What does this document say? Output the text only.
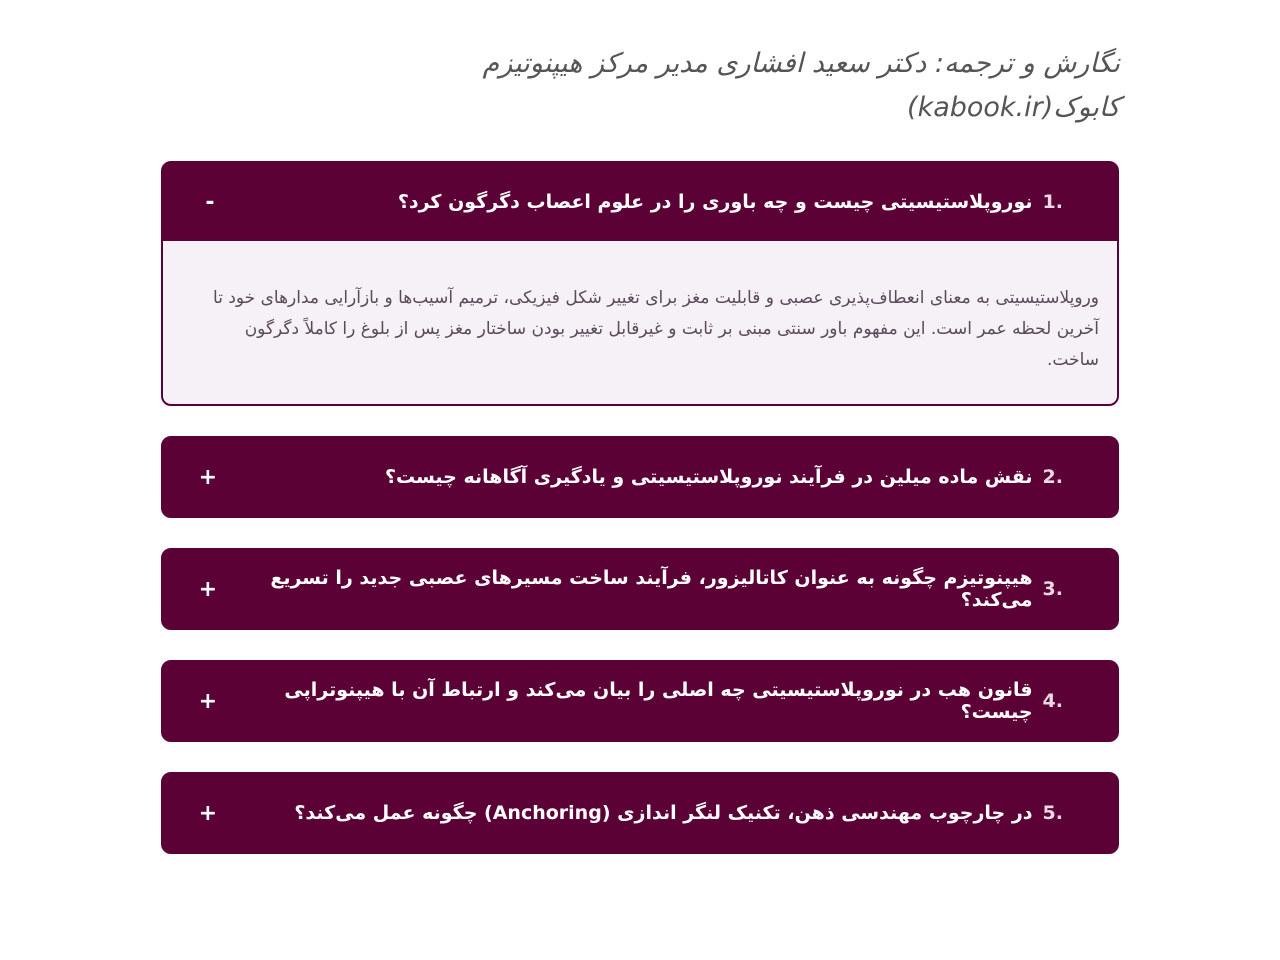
نگارش و ترجمه: دکتر سعید افشاری مدیر مرکز هیپنوتیزم کابوک(kabook.ir)
1.
نوروپلاستیسیتی چیست و چه باوری را در علوم اعصاب دگرگون کرد؟
-
وروپلاستیسیتی به معنای انعطاف‌پذیری عصبی و قابلیت مغز برای تغییر شکل فیزیکی، ترمیم آسیب‌ها و بازآرایی مدارهای خود تا آخرین لحظه عمر است. این مفهوم باور سنتی مبنی بر ثابت و غیرقابل تغییر بودن ساختار مغز پس از بلوغ را کاملاً دگرگون ساخت.
2.
نقش ماده میلین در فرآیند نوروپلاستیسیتی و یادگیری آگاهانه چیست؟
+
3.
هیپنوتیزم چگونه به عنوان کاتالیزور، فرآیند ساخت مسیرهای عصبی جدید را تسریع می‌کند؟
+
4.
قانون هب در نوروپلاستیسیتی چه اصلی را بیان می‌کند و ارتباط آن با هیپنوتراپی چیست؟
+
5.
در چارچوب مهندسی ذهن، تکنیک لنگر اندازی (Anchoring) چگونه عمل می‌کند؟
+
